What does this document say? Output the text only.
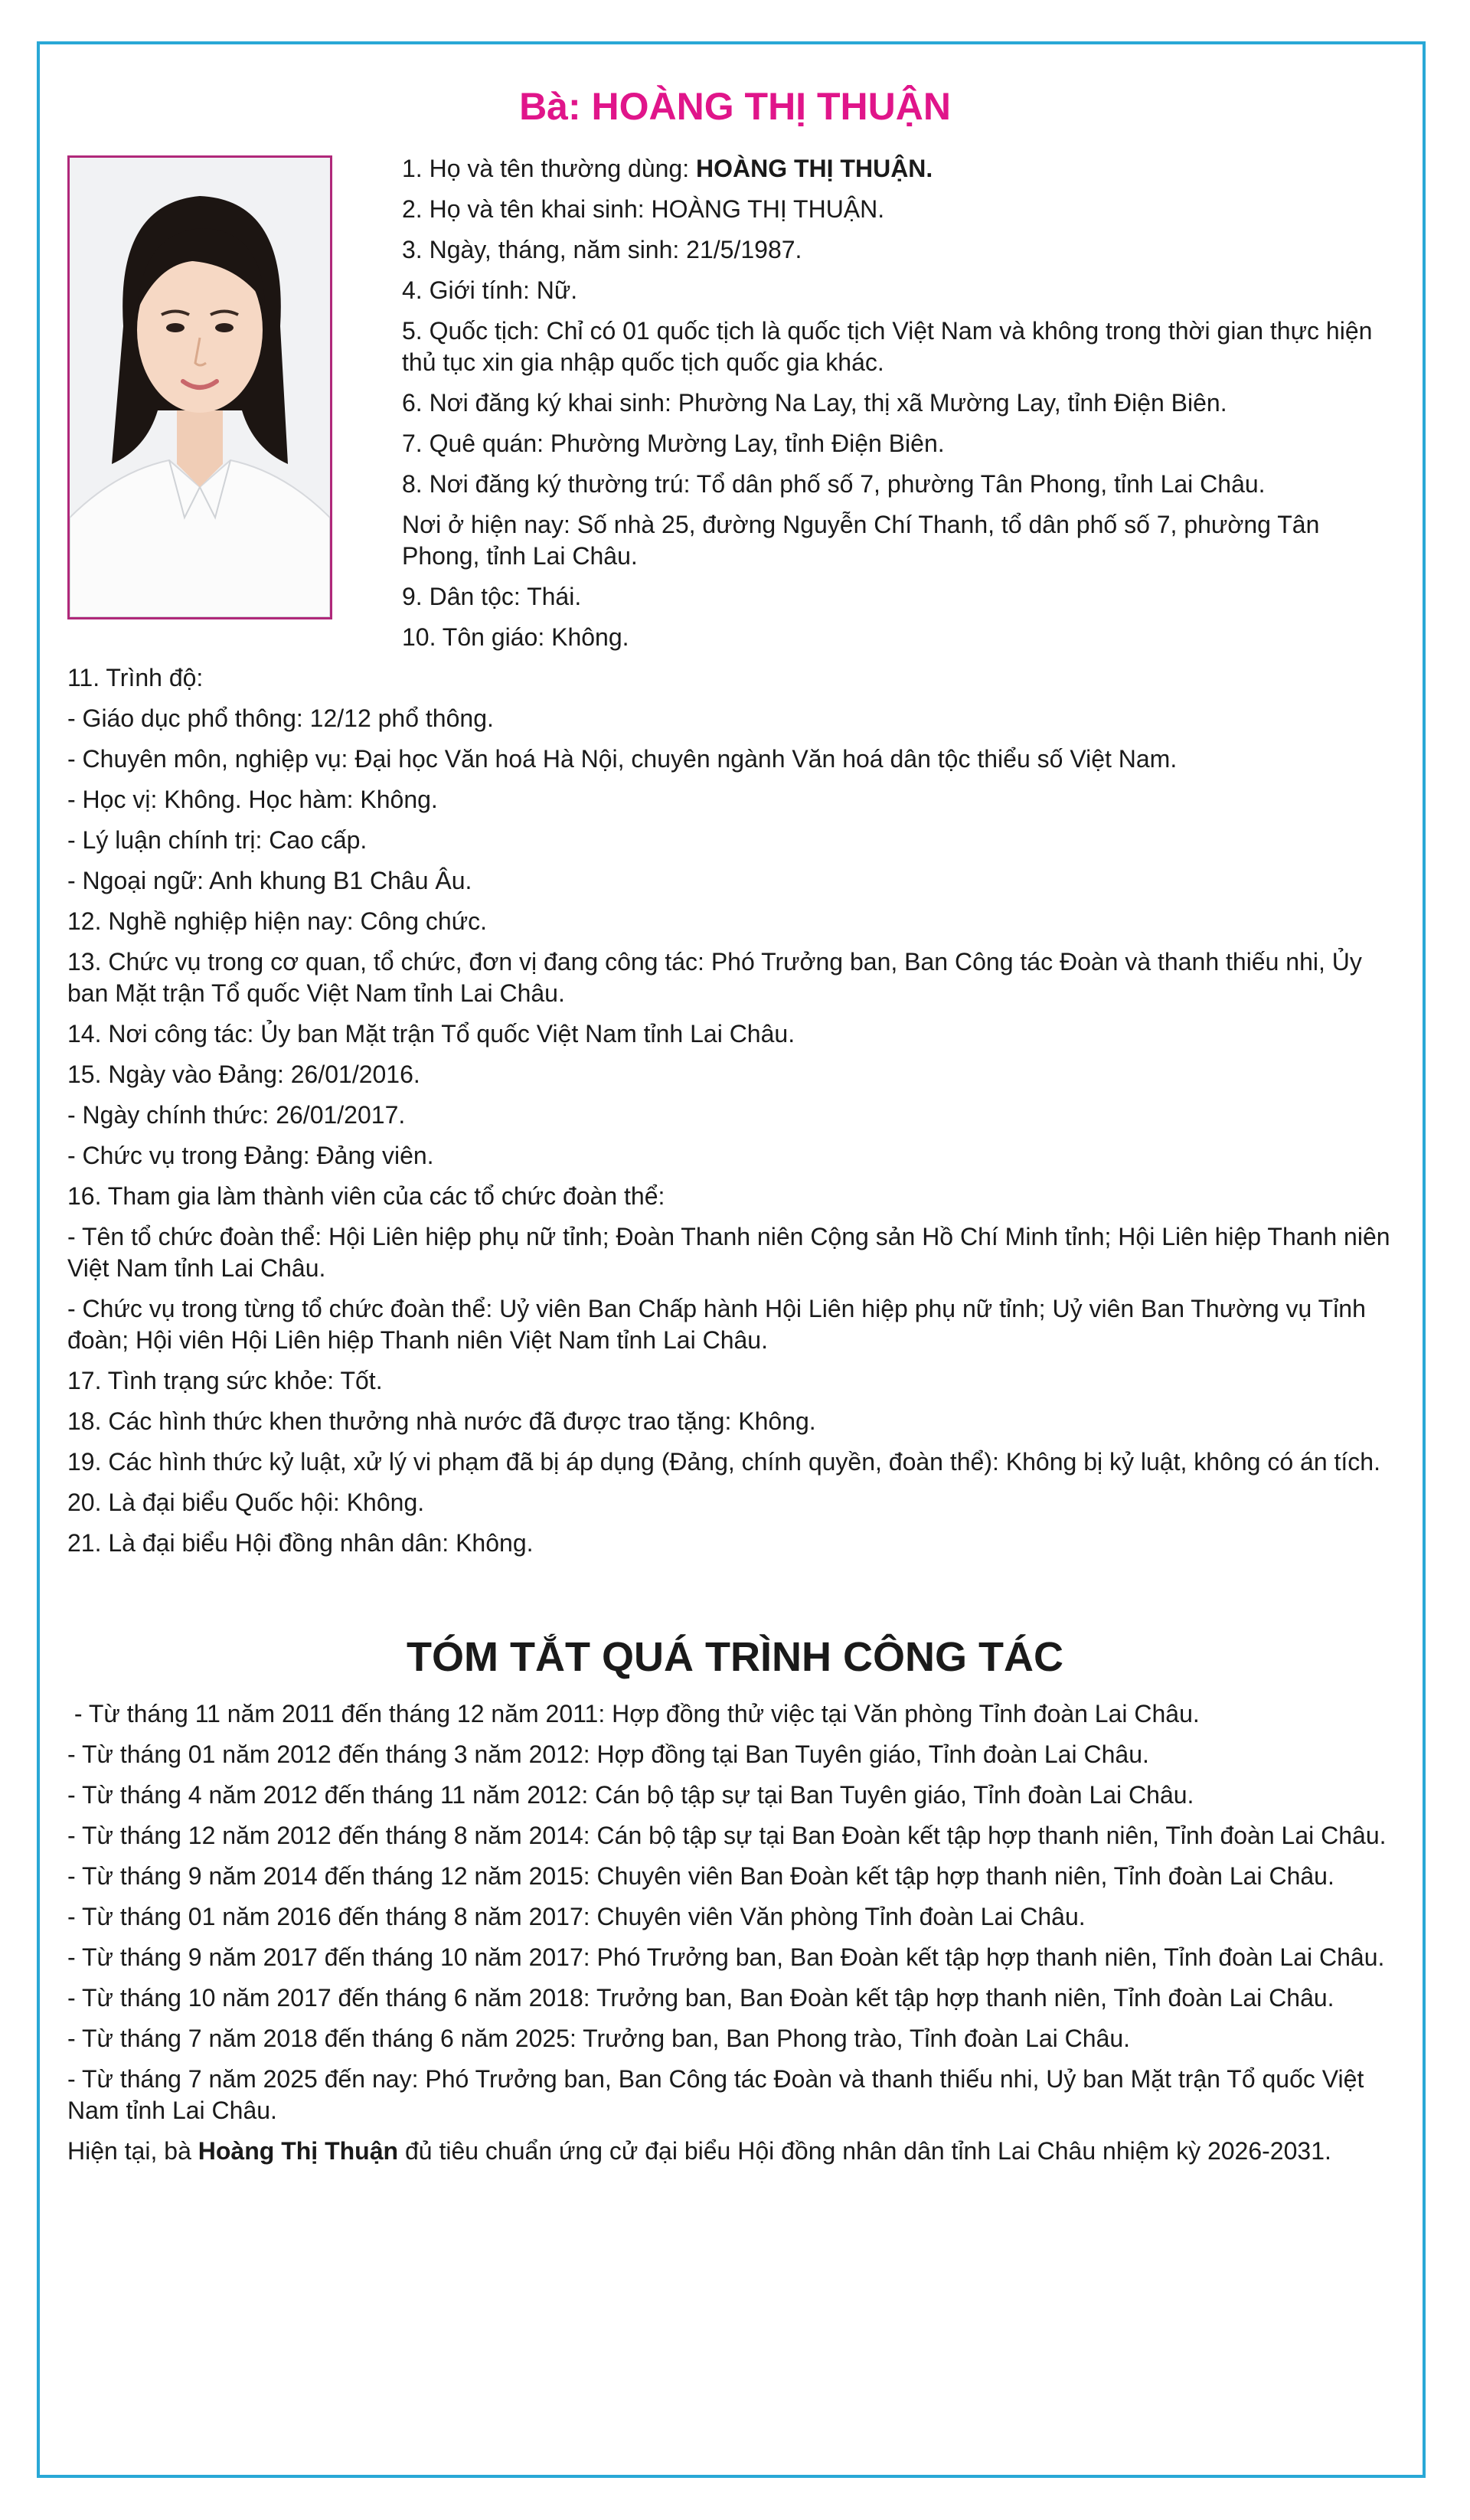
Bà: HOÀNG THỊ THUẬN

1. Họ và tên thường dùng: HOÀNG THỊ THUẬN.

2. Họ và tên khai sinh: HOÀNG THỊ THUẬN.

3. Ngày, tháng, năm sinh: 21/5/1987.

4. Giới tính: Nữ.

5. Quốc tịch: Chỉ có 01 quốc tịch là quốc tịch Việt Nam và không trong thời gian thực hiện thủ tục xin gia nhập quốc tịch quốc gia khác.

6. Nơi đăng ký khai sinh: Phường Na Lay, thị xã Mường Lay, tỉnh Điện Biên.

7. Quê quán: Phường Mường Lay, tỉnh Điện Biên.

8. Nơi đăng ký thường trú: Tổ dân phố số 7, phường Tân Phong, tỉnh Lai Châu.

Nơi ở hiện nay: Số nhà 25, đường Nguyễn Chí Thanh, tổ dân phố số 7, phường Tân Phong, tỉnh Lai Châu.

9. Dân tộc: Thái.

10. Tôn giáo: Không.

11. Trình độ:

- Giáo dục phổ thông: 12/12 phổ thông.

- Chuyên môn, nghiệp vụ: Đại học Văn hoá Hà Nội, chuyên ngành Văn hoá dân tộc thiểu số Việt Nam.

- Học vị: Không. Học hàm: Không.

- Lý luận chính trị: Cao cấp.

- Ngoại ngữ: Anh khung B1 Châu Âu.

12. Nghề nghiệp hiện nay: Công chức.

13. Chức vụ trong cơ quan, tổ chức, đơn vị đang công tác: Phó Trưởng ban, Ban Công tác Đoàn và thanh thiếu nhi, Ủy ban Mặt trận Tổ quốc Việt Nam tỉnh Lai Châu.

14. Nơi công tác: Ủy ban Mặt trận Tổ quốc Việt Nam tỉnh Lai Châu.

15. Ngày vào Đảng: 26/01/2016.

- Ngày chính thức: 26/01/2017.

- Chức vụ trong Đảng: Đảng viên.

16. Tham gia làm thành viên của các tổ chức đoàn thể:

- Tên tổ chức đoàn thể: Hội Liên hiệp phụ nữ tỉnh; Đoàn Thanh niên Cộng sản Hồ Chí Minh tỉnh; Hội Liên hiệp Thanh niên Việt Nam tỉnh Lai Châu.

- Chức vụ trong từng tổ chức đoàn thể: Uỷ viên Ban Chấp hành Hội Liên hiệp phụ nữ tỉnh; Uỷ viên Ban Thường vụ Tỉnh đoàn; Hội viên Hội Liên hiệp Thanh niên Việt Nam tỉnh Lai Châu.

17. Tình trạng sức khỏe: Tốt.

18. Các hình thức khen thưởng nhà nước đã được trao tặng: Không.

19. Các hình thức kỷ luật, xử lý vi phạm đã bị áp dụng (Đảng, chính quyền, đoàn thể): Không bị kỷ luật, không có án tích.

20. Là đại biểu Quốc hội: Không.

21. Là đại biểu Hội đồng nhân dân: Không.

TÓM TẮT QUÁ TRÌNH CÔNG TÁC

- Từ tháng 11 năm 2011 đến tháng 12 năm 2011: Hợp đồng thử việc tại Văn phòng Tỉnh đoàn Lai Châu.

- Từ tháng 01 năm 2012 đến tháng 3 năm 2012: Hợp đồng tại Ban Tuyên giáo, Tỉnh đoàn Lai Châu.

- Từ tháng 4 năm 2012 đến tháng 11 năm 2012: Cán bộ tập sự tại Ban Tuyên giáo, Tỉnh đoàn Lai Châu.

- Từ tháng 12 năm 2012 đến tháng 8 năm 2014: Cán bộ tập sự tại Ban Đoàn kết tập hợp thanh niên, Tỉnh đoàn Lai Châu.

- Từ tháng 9 năm 2014 đến tháng 12 năm 2015: Chuyên viên Ban Đoàn kết tập hợp thanh niên, Tỉnh đoàn Lai Châu.

- Từ tháng 01 năm 2016 đến tháng 8 năm 2017: Chuyên viên Văn phòng Tỉnh đoàn Lai Châu.

- Từ tháng 9 năm 2017 đến tháng 10 năm 2017: Phó Trưởng ban, Ban Đoàn kết tập hợp thanh niên, Tỉnh đoàn Lai Châu.

- Từ tháng 10 năm 2017 đến tháng 6 năm 2018: Trưởng ban, Ban Đoàn kết tập hợp thanh niên, Tỉnh đoàn Lai Châu.

- Từ tháng 7 năm 2018 đến tháng 6 năm 2025: Trưởng ban, Ban Phong trào, Tỉnh đoàn Lai Châu.

- Từ tháng 7 năm 2025 đến nay: Phó Trưởng ban, Ban Công tác Đoàn và thanh thiếu nhi, Uỷ ban Mặt trận Tổ quốc Việt Nam tỉnh Lai Châu.

Hiện tại, bà Hoàng Thị Thuận đủ tiêu chuẩn ứng cử đại biểu Hội đồng nhân dân tỉnh Lai Châu nhiệm kỳ 2026-2031.
